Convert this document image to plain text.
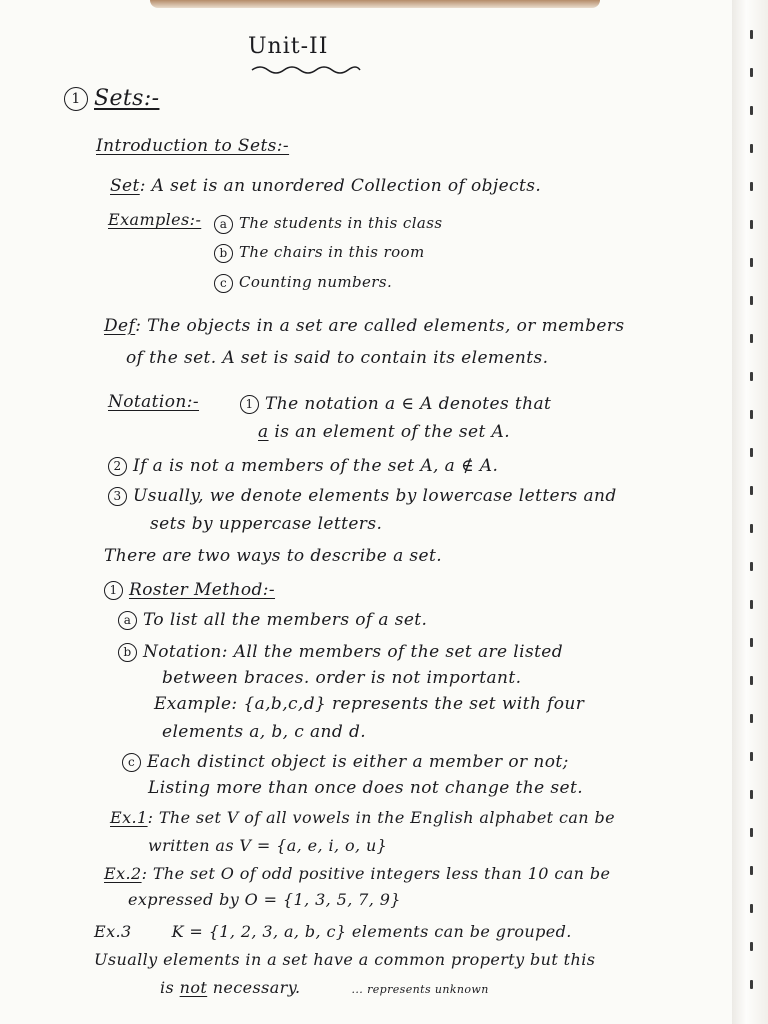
Unit-II
1 Sets:-
Introduction to Sets:-
Set: A set is an unordered Collection of objects.
Examples:-	a The students in this class
b The chairs in this room
c Counting numbers.
Def: The objects in a set are called elements, or members
of the set. A set is said to contain its elements.
Notation:-	1 The notation a ∈ A denotes that
a is an element of the set A.
2 If a is not a members of the set A, a ∉ A.
3 Usually, we denote elements by lowercase letters and
sets by uppercase letters.
There are two ways to describe a set.
1 Roster Method:-
a To list all the members of a set.
b Notation: All the members of the set are listed
between braces. order is not important.
Example: {a,b,c,d} represents the set with four
elements a, b, c and d.
c Each distinct object is either a member or not;
Listing more than once does not change the set.
Ex.1: The set V of all vowels in the English alphabet can be
written as V = {a, e, i, o, u}
Ex.2: The set O of odd positive integers less than 10 can be
expressed by O = {1, 3, 5, 7, 9}
Ex.3	K = {1, 2, 3, a, b, c} elements can be grouped.
Usually elements in a set have a common property but this
is not necessary.	... represents unknown
